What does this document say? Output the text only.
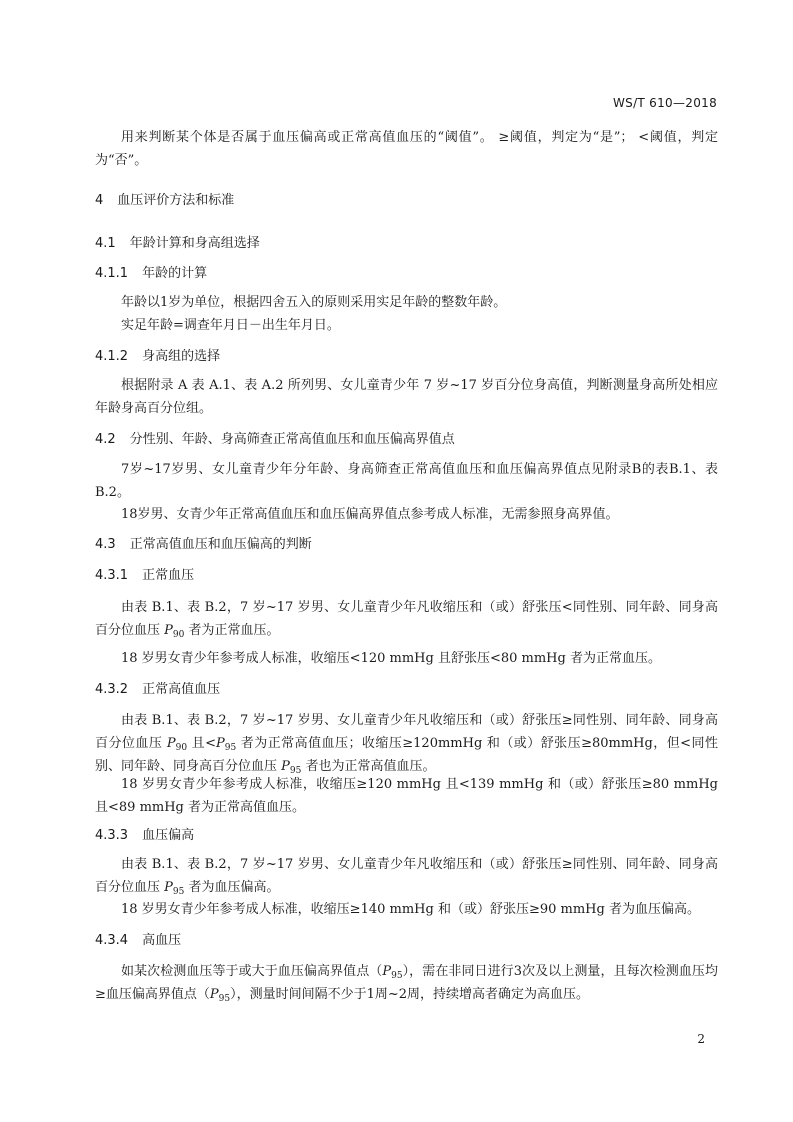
WS/T 610—2018
用来判断某个体是否属于血压偏高或正常高值血压的“阈值”。 ≥阈值，判定为“是”； <阈值，判定为“否”。
4 血压评价方法和标准
4.1 年龄计算和身高组选择
4.1.1 年龄的计算
年龄以1岁为单位，根据四舍五入的原则采用实足年龄的整数年龄。
实足年龄=调查年月日－出生年月日。
4.1.2 身高组的选择
根据附录 A 表 A.1、表 A.2 所列男、女儿童青少年 7 岁~17 岁百分位身高值，判断测量身高所处相应年龄身高百分位组。
4.2 分性别、年龄、身高筛查正常高值血压和血压偏高界值点
7岁~17岁男、女儿童青少年分年龄、身高筛查正常高值血压和血压偏高界值点见附录B的表B.1、表B.2。
18岁男、女青少年正常高值血压和血压偏高界值点参考成人标准，无需参照身高界值。
4.3 正常高值血压和血压偏高的判断
4.3.1 正常血压
由表 B.1、表 B.2，7 岁~17 岁男、女儿童青少年凡收缩压和（或）舒张压<同性别、同年龄、同身高百分位血压 $P_{90}$ 者为正常血压。
18 岁男女青少年参考成人标准，收缩压<120 mmHg 且舒张压<80 mmHg 者为正常血压。
4.3.2 正常高值血压
由表 B.1、表 B.2，7 岁~17 岁男、女儿童青少年凡收缩压和（或）舒张压≥同性别、同年龄、同身高百分位血压 $P_{90}$ 且$<P_{95}$ 者为正常高值血压；收缩压≥120mmHg 和（或）舒张压≥80mmHg，但<同性别、同年龄、同身高百分位血压 $P_{95}$ 者也为正常高值血压。
18 岁男女青少年参考成人标准，收缩压≥120 mmHg 且<139 mmHg 和（或）舒张压≥80 mmHg 且<89 mmHg 者为正常高值血压。
4.3.3 血压偏高
由表 B.1、表 B.2，7 岁~17 岁男、女儿童青少年凡收缩压和（或）舒张压≥同性别、同年龄、同身高百分位血压 $P_{95}$ 者为血压偏高。
18 岁男女青少年参考成人标准，收缩压≥140 mmHg 和（或）舒张压≥90 mmHg 者为血压偏高。
4.3.4 高血压
如某次检测血压等于或大于血压偏高界值点$(P_{95})$，需在非同日进行3次及以上测量，且每次检测血压均≥血压偏高界值点$(P_{95})$，测量时间间隔不少于1周~2周，持续增高者确定为高血压。
2
